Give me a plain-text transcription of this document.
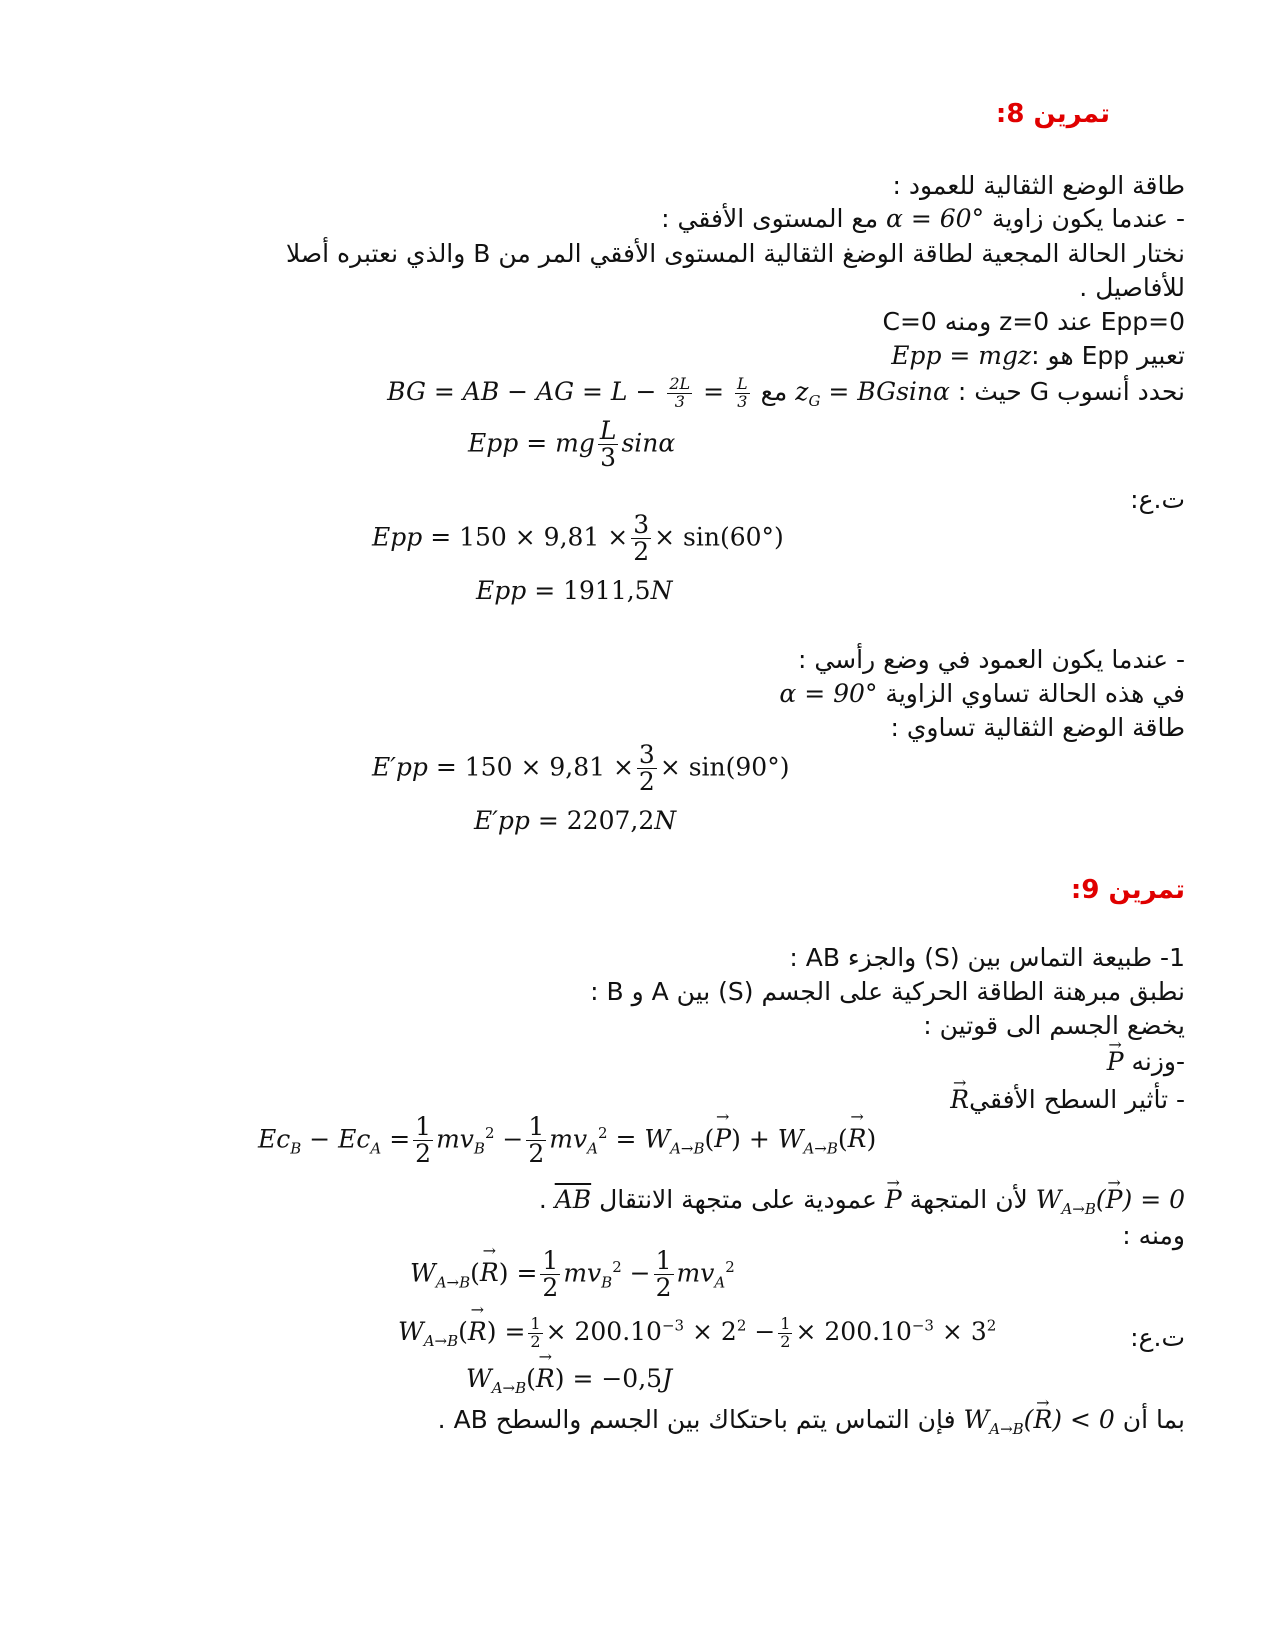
تمرين 8:
طاقة الوضع الثقالية للعمود :
- عندما يكون زاوية α = 60° مع المستوى الأفقي :
نختار الحالة المجعية لطاقة الوضغ الثقالية المستوى الأفقي المر من B والذي نعتبره أصلا
للأفاصيل .
Epp=0 عند z=0 ومنه C=0
تعبير Epp هو :Epp = mgz
نحدد أنسوب G حيث : $z_G = BGsin\alpha$ مع BG = AB − AG = $L - \frac{2L}{3} = \frac{L}{3}$
Epp = mg $\frac{L}{3}$ sinα
ت.ع:
Epp = $150 \times 9,81 \times \frac{3}{2} \times \sin(60^\circ)$
Epp = 1911,5N
- عندما يكون العمود في وضع رأسي :
في هذه الحالة تساوي الزاوية α = 90°
طاقة الوضع الثقالية تساوي :
$E'pp = 150 \times 9,81 \times \frac{3}{2} \times \sin(90^\circ)$
E′pp = 2207,2N
تمرين 9:
1- طبيعة التماس بين (S) والجزء AB :
نطبق مبرهنة الطاقة الحركية على الجسم (S) بين A و B :
يخضع الجسم الى قوتين :
-وزنه → P
- تأثير السطح الأفقي→ R
$Ec_B - Ec_A = \frac{1}{2} mv_B^2 - \frac{1}{2} mv_A^2 = W_{A\to B}(\to P) + W_{A\to B}(\to R)$
$W_{A\to B}(\to P) = 0$ لأن المتجهة → P عمودية على متجهة الانتقال $\overline{AB}$ .
ومنه :
$W_{A\to B}(\to R) = \frac{1}{2} mv_B^2 - \frac{1}{2} mv_A^2$
ت.ع:
$W_{A\to B}(\to R) = \frac{1}{2} \times 200.10^{-3} \times 2^2 - \frac{1}{2} \times 200.10^{-3} \times 3^2$
$W_{A\to B}(\to R) = -0,5J$
بما أن $W_{A\to B}(\to R) < 0$ فإن التماس يتم باحتكاك بين الجسم والسطح AB .
